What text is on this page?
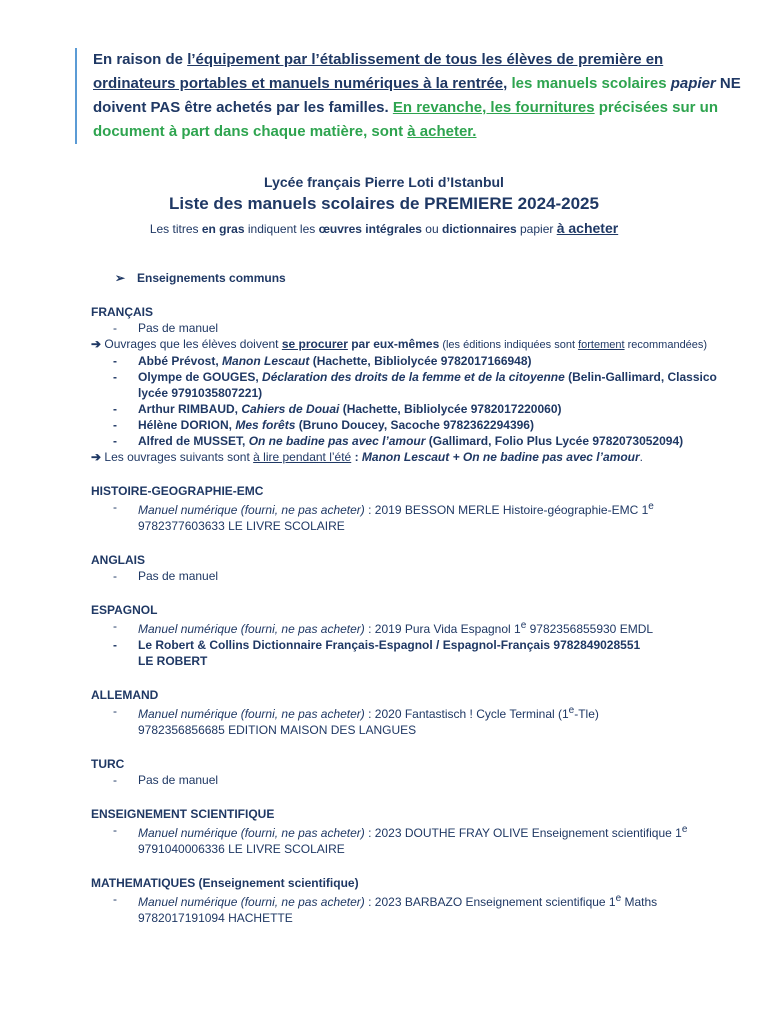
En raison de l’équipement par l’établissement de tous les élèves de première en ordinateurs portables et manuels numériques à la rentrée, les manuels scolaires papier NE doivent PAS être achetés par les familles. En revanche, les fournitures précisées sur un document à part dans chaque matière, sont à acheter.
Lycée français Pierre Loti d’Istanbul
Liste des manuels scolaires de PREMIERE 2024-2025
Les titres en gras indiquent les œuvres intégrales ou dictionnaires papier à acheter
➢ Enseignements communs
FRANÇAIS
- Pas de manuel
➔ Ouvrages que les élèves doivent se procurer par eux-mêmes (les éditions indiquées sont fortement recommandées)
- Abbé Prévost, Manon Lescaut (Hachette, Bibliolycée 9782017166948)
- Olympe de GOUGES, Déclaration des droits de la femme et de la citoyenne (Belin-Gallimard, Classico lycée 9791035807221)
- Arthur RIMBAUD, Cahiers de Douai (Hachette, Bibliolycée 9782017220060)
- Hélène DORION, Mes forêts (Bruno Doucey, Sacoche 9782362294396)
- Alfred de MUSSET, On ne badine pas avec l’amour (Gallimard, Folio Plus Lycée 9782073052094)
➔ Les ouvrages suivants sont à lire pendant l’été : Manon Lescaut + On ne badine pas avec l’amour.
HISTOIRE-GEOGRAPHIE-EMC
- Manuel numérique (fourni, ne pas acheter) : 2019 BESSON MERLE Histoire-géographie-EMC 1e
9782377603633 LE LIVRE SCOLAIRE
ANGLAIS
- Pas de manuel
ESPAGNOL
- Manuel numérique (fourni, ne pas acheter) : 2019 Pura Vida Espagnol 1e 9782356855930 EMDL
- Le Robert & Collins Dictionnaire Français-Espagnol / Espagnol-Français 9782849028551
LE ROBERT
ALLEMAND
- Manuel numérique (fourni, ne pas acheter) : 2020 Fantastisch ! Cycle Terminal (1e-Tle)
9782356856685 EDITION MAISON DES LANGUES
TURC
- Pas de manuel
ENSEIGNEMENT SCIENTIFIQUE
- Manuel numérique (fourni, ne pas acheter) : 2023 DOUTHE FRAY OLIVE Enseignement scientifique 1e
9791040006336 LE LIVRE SCOLAIRE
MATHEMATIQUES (Enseignement scientifique)
- Manuel numérique (fourni, ne pas acheter) : 2023 BARBAZO Enseignement scientifique 1e Maths
9782017191094 HACHETTE
